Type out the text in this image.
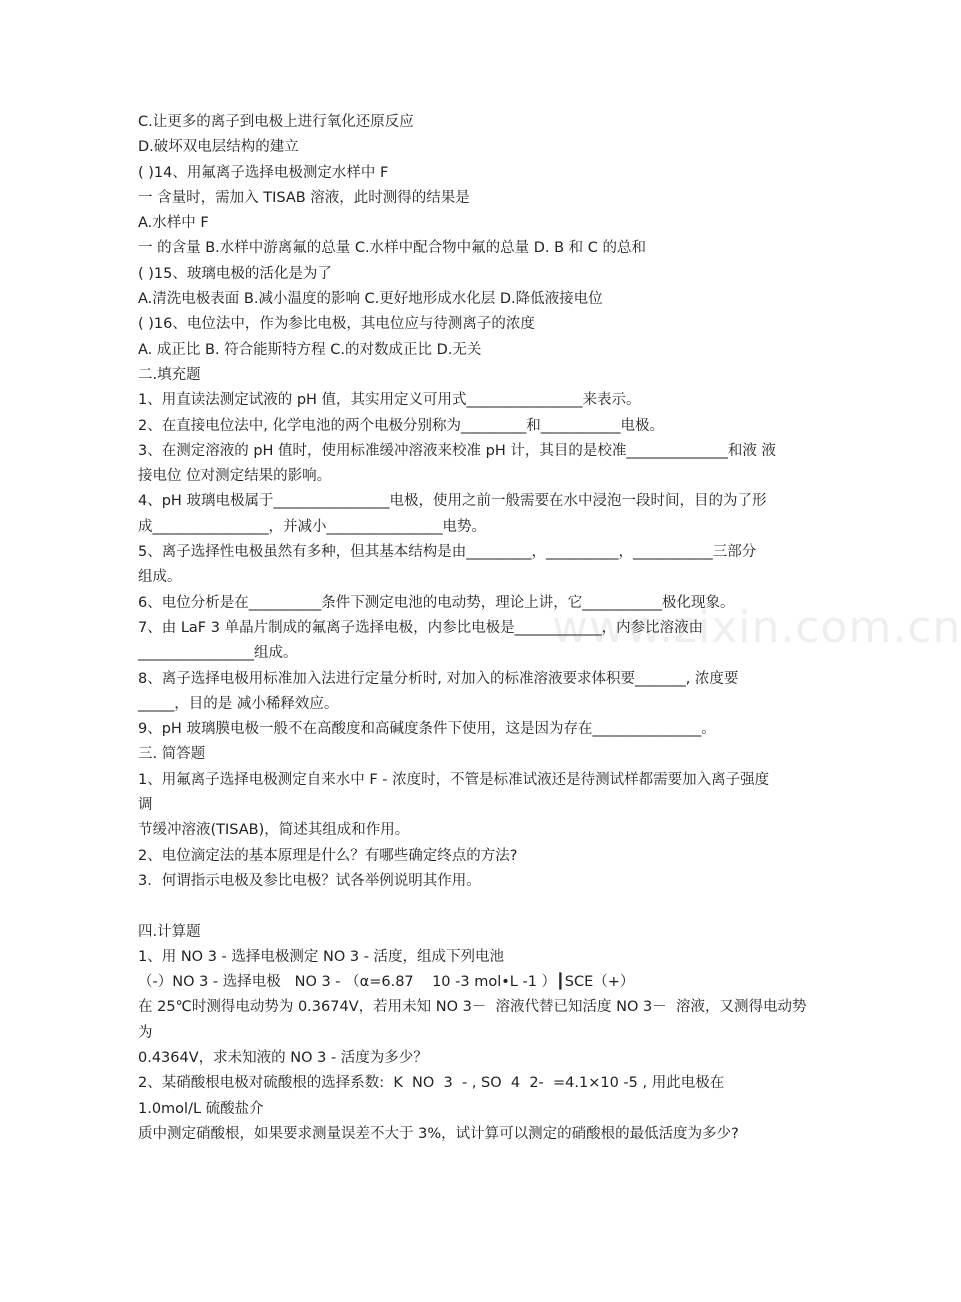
www.zixin.com.cn
C.让更多的离子到电极上进行氧化还原反应
D.破坏双电层结构的建立
( )14、用氟离子选择电极测定水样中 F
一 含量时，需加入 TISAB 溶液，此时测得的结果是
A.水样中 F
一 的含量 B.水样中游离氟的总量 C.水样中配合物中氟的总量 D. B 和 C 的总和
( )15、玻璃电极的活化是为了
A.清洗电极表面 B.减小温度的影响 C.更好地形成水化层 D.降低液接电位
( )16、电位法中，作为参比电极，其电位应与待测离子的浓度
A. 成正比 B. 符合能斯特方程 C.的对数成正比 D.无关
二.填充题
1、用直读法测定试液的 pH 值，其实用定义可用式________________来表示。
2、在直接电位法中, 化学电池的两个电极分别称为_________和___________电极。
3、在测定溶液的 pH 值时，使用标准缓冲溶液来校准 pH 计，其目的是校准______________和液 液
接电位 位对测定结果的影响。
4、pH 玻璃电极属于________________电极，使用之前一般需要在水中浸泡一段时间，目的为了形
成________________，并减小________________电势。
5、离子选择性电极虽然有多种，但其基本结构是由_________，__________，___________三部分
组成。
6、电位分析是在__________条件下测定电池的电动势，理论上讲，它___________极化现象。
7、由 LaF 3 单晶片制成的氟离子选择电极，内参比电极是____________，内参比溶液由
________________组成。
8、离子选择电极用标准加入法进行定量分析时, 对加入的标准溶液要求体积要_______, 浓度要
_____，目的是 减小稀释效应。
9、pH 玻璃膜电极一般不在高酸度和高碱度条件下使用，这是因为存在_______________。
三. 简答题
1、用氟离子选择电极测定自来水中 F - 浓度时，不管是标准试液还是待测试样都需要加入离子强度
调
节缓冲溶液(TISAB)，简述其组成和作用。
2、电位滴定法的基本原理是什么？有哪些确定终点的方法?
3．何谓指示电极及参比电极？试各举例说明其作用。
四.计算题
1、用 NO 3 - 选择电极测定 NO 3 - 活度，组成下列电池
（-）NO 3 - 选择电极   NO 3 - （α=6.87    10 -3 mol•L -1 ）┃SCE（+）
在 25℃时测得电动势为 0.3674V，若用未知 NO 3－  溶液代替已知活度 NO 3－  溶液，又测得电动势
为
0.4364V，求未知液的 NO 3 - 活度为多少？
2、某硝酸根电极对硫酸根的选择系数:  K  NO  3  - , SO  4  2-  =4.1×10 -5 , 用此电极在
1.0mol/L 硫酸盐介
质中测定硝酸根，如果要求测量误差不大于 3%，试计算可以测定的硝酸根的最低活度为多少?
